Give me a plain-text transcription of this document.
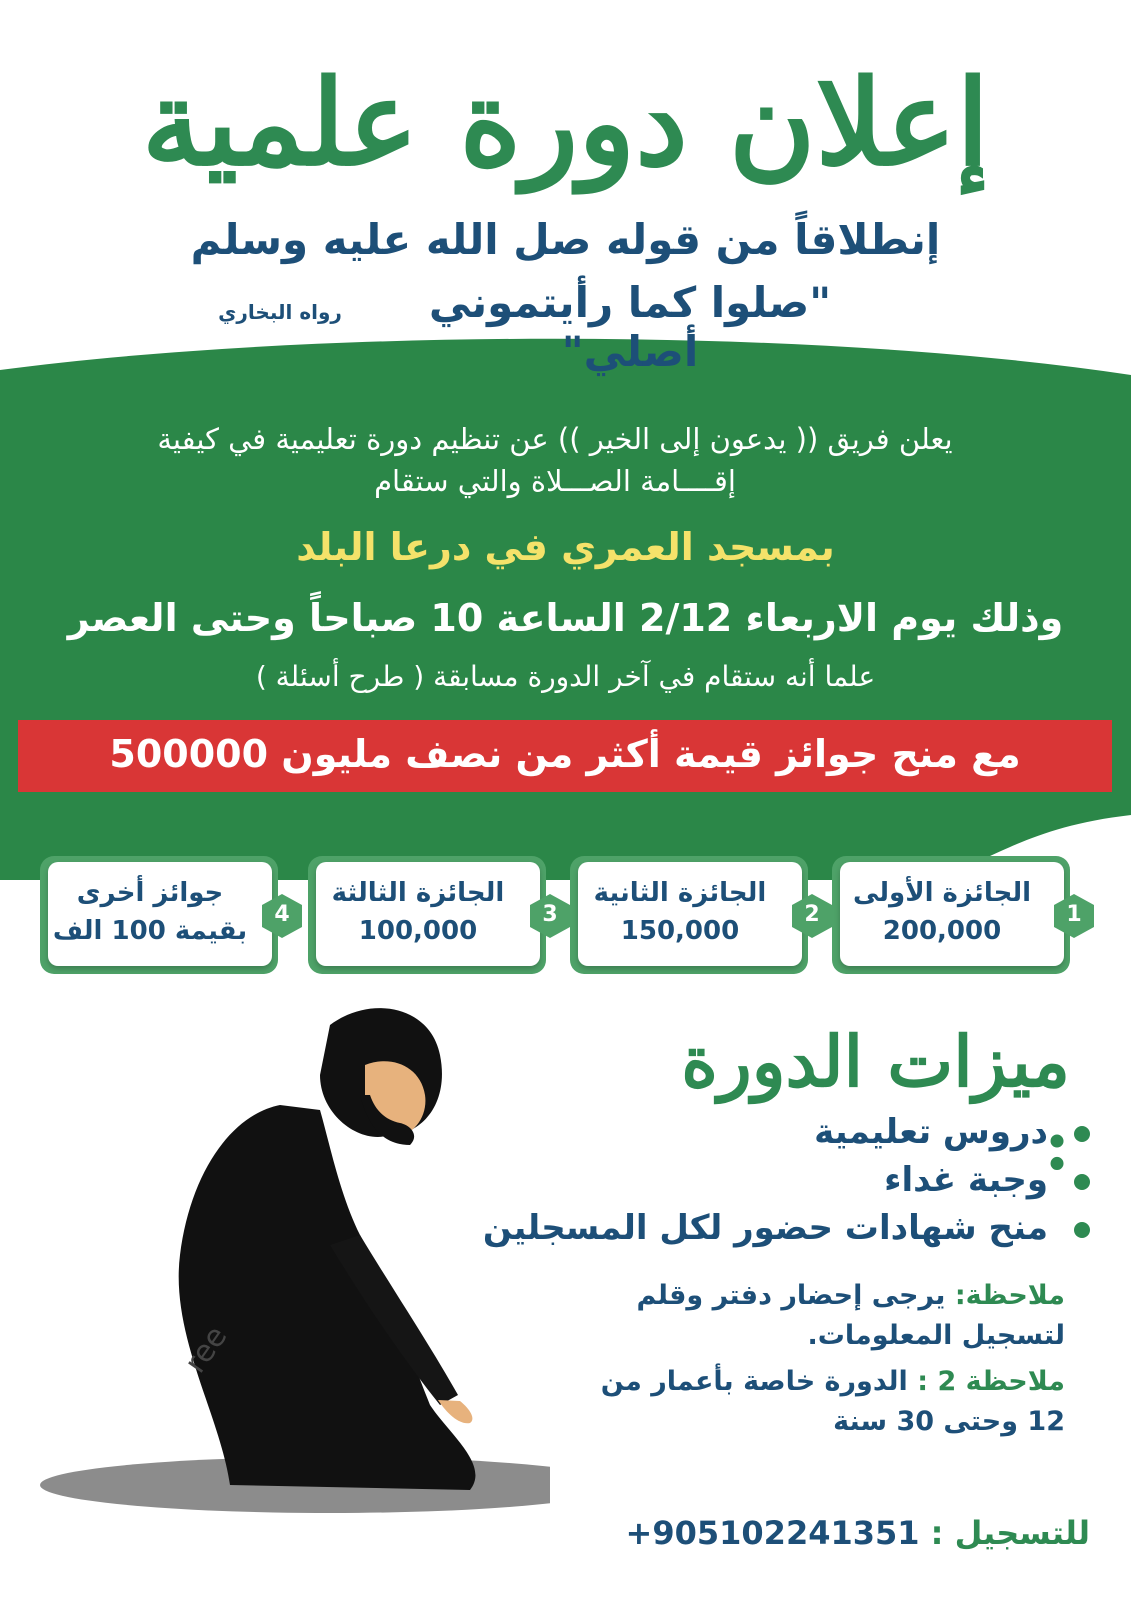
إعلان دورة علمية
إنطلاقاً من قوله صل الله عليه وسلم
"صلوا كما رأيتموني أصلي"
رواه البخاري
يعلن فريق (( يدعون إلى الخير )) عن تنظيم دورة تعليمية في كيفية
إقــــامة الصـــلاة والتي ستقام
بمسجد العمري في درعا البلد
وذلك يوم الاربعاء 2/12 الساعة 10 صباحاً وحتى العصر
علما أنه ستقام في آخر الدورة مسابقة ( طرح أسئلة )
مع منح جوائز قيمة أكثر من نصف مليون 500000
الجائزة الأولى
200,000
1
الجائزة الثانية
150,000
2
الجائزة الثالثة
100,000
3
جوائز أخرى
بقيمة 100 الف
4
ree
ميزات الدورة :
دروس تعليمية
وجبة غداء
منح شهادات حضور لكل المسجلين
ملاحظة: يرجى إحضار دفتر وقلم
لتسجيل المعلومات.
ملاحظة 2 : الدورة خاصة بأعمار من
12 وحتى 30 سنة
للتسجيل : +905102241351
